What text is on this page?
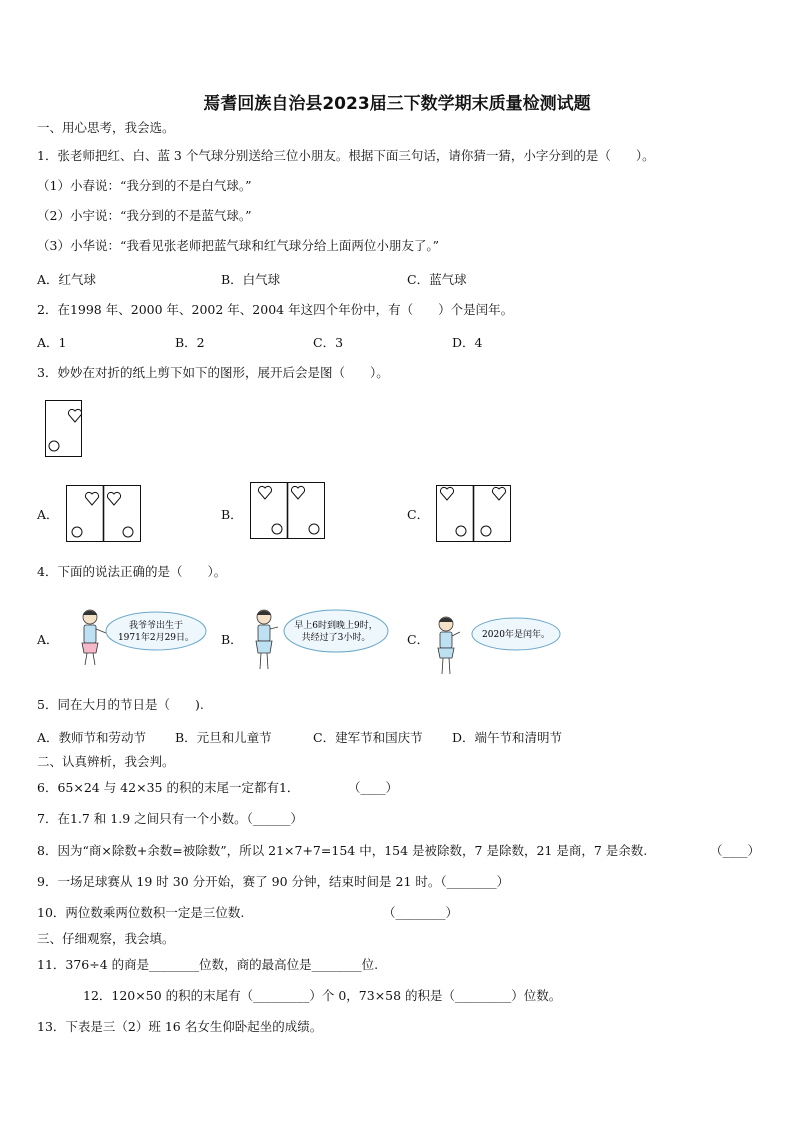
焉耆回族自治县2023届三下数学期末质量检测试题
一、用心思考，我会选。
1．张老师把红、白、蓝 3 个气球分别送给三位小朋友。根据下面三句话，请你猜一猜，小字分到的是（　　）。
（1）小春说：“我分到的不是白气球。”
（2）小宇说：“我分到的不是蓝气球。”
（3）小华说：“我看见张老师把蓝气球和红气球分给上面两位小朋友了。”
A．红气球	B．白气球	C．蓝气球
2．在1998 年、2000 年、2002 年、2004 年这四个年份中，有（　　）个是闰年。
A．1	B．2	C．3	D．4
3．妙妙在对折的纸上剪下如下的图形，展开后会是图（　　）。
A．	B．	C．
4．下面的说法正确的是（　　）。
A．
我爷爷出生于
1971年2月29日。 B．
早上6时到晚上9时，
共经过了3小时。	C．	2020年是闰年。
5．同在大月的节日是（　　).
A．教师节和劳动节 B．元旦和儿童节	C．建军节和国庆节 D．端午节和清明节
二、认真辨析，我会判。
6．65×24 与 42×35 的积的末尾一定都有1．	（____）
7．在1.7 和 1.9 之间只有一个小数。（______）
8．因为“商×除数+余数=被除数”，所以 21×7+7=154 中，154 是被除数，7 是除数，21 是商，7 是余数.	（____）
9．一场足球赛从 19 时 30 分开始，赛了 90 分钟，结束时间是 21 时。（________）
10．两位数乘两位数积一定是三位数.	（________）
三、仔细观察，我会填。
11．376÷4 的商是________位数，商的最高位是________位.
12．120×50 的积的末尾有（_________）个 0，73×58 的积是（_________）位数。
13．下表是三（2）班 16 名女生仰卧起坐的成绩。
